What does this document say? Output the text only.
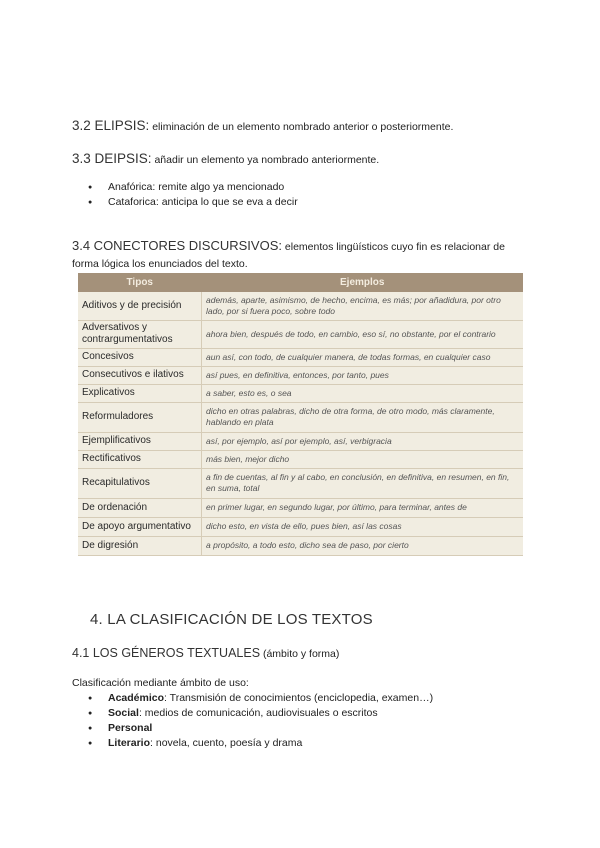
3.2 ELIPSIS: eliminación de un elemento nombrado anterior o posteriormente.
3.3 DEIPSIS: añadir un elemento ya nombrado anteriormente.
● Anafórica: remite algo ya mencionado
● Cataforica: anticipa lo que se eva a decir
3.4 CONECTORES DISCURSIVOS: elementos lingüísticos cuyo fin es relacionar de forma lógica los enunciados del texto.
Tipos	Ejemplos
Aditivos y de precisión	además, aparte, asimismo, de hecho, encima, es más; por añadidura, por otro lado, por si fuera poco, sobre todo
Adversativos y contrargumentativos	ahora bien, después de todo, en cambio, eso sí, no obstante, por el contrario
Concesivos	aun así, con todo, de cualquier manera, de todas formas, en cualquier caso
Consecutivos e ilativos	así pues, en definitiva, entonces, por tanto, pues
Explicativos	a saber, esto es, o sea
Reformuladores	dicho en otras palabras, dicho de otra forma, de otro modo, más claramente, hablando en plata
Ejemplificativos	así, por ejemplo, así por ejemplo, así, verbigracia
Rectificativos	más bien, mejor dicho
Recapitulativos	a fin de cuentas, al fin y al cabo, en conclusión, en definitiva, en resumen, en fin, en suma, total
De ordenación	en primer lugar, en segundo lugar, por último, para terminar, antes de
De apoyo argumentativo	dicho esto, en vista de ello, pues bien, así las cosas
De digresión	a propósito, a todo esto, dicho sea de paso, por cierto
4. LA CLASIFICACIÓN DE LOS TEXTOS
4.1 LOS GÉNEROS TEXTUALES (ámbito y forma)
Clasificación mediante ámbito de uso:
● Académico: Transmisión de conocimientos (enciclopedia, examen…)
● Social: medios de comunicación, audiovisuales o escritos
● Personal
● Literario: novela, cuento, poesía y drama
